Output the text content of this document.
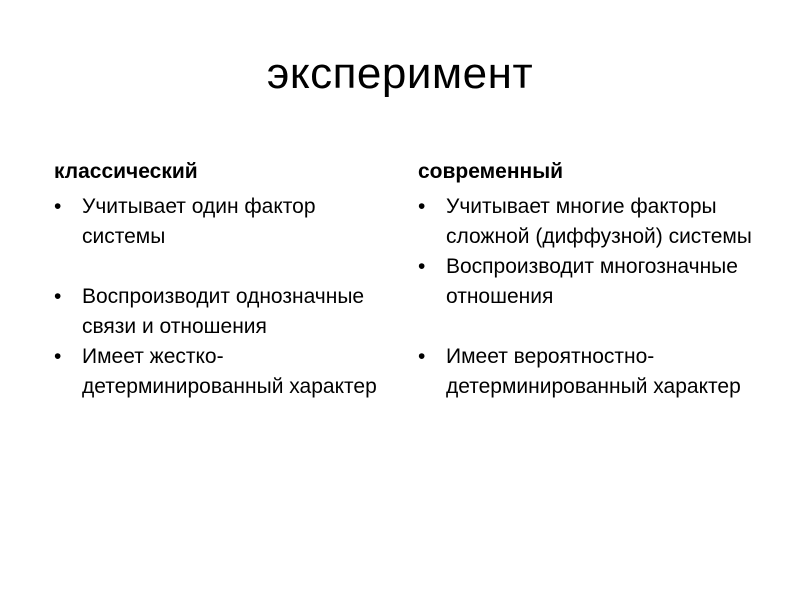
эксперимент
классический
• Учитывает один фактор системы
• Воспроизводит однозначные связи и отношения
• Имеет жестко-детерминированный характер
современный
• Учитывает многие факторы сложной (диффузной) системы
• Воспроизводит многозначные отношения
• Имеет вероятностно-детерминированный характер
